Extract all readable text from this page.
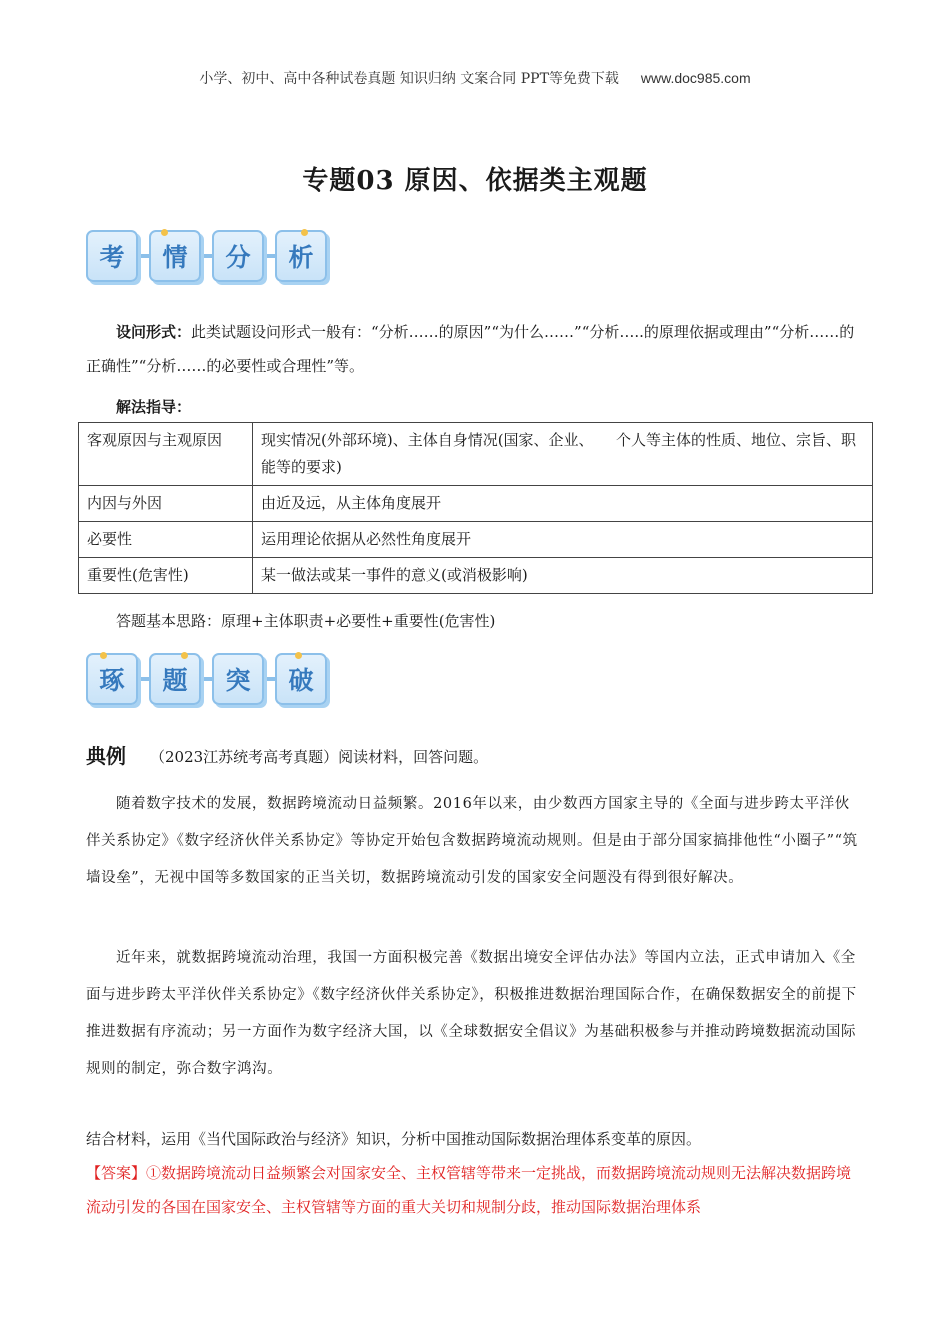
小学、初中、高中各种试卷真题 知识归纳 文案合同 PPT等免费下载 www.doc985.com
专题03 原因、依据类主观题
考 情 分 析
设问形式：此类试题设问形式一般有：“分析……的原因”“为什么……”“分析…..的原理依据或理由”“分析……的正确性”“分析……的必要性或合理性”等。
解法指导：
客观原因与主观原因	现实情况(外部环境)、主体自身情况(国家、企业、　　个人等主体的性质、地位、宗旨、职能等的要求)
内因与外因	由近及远，从主体角度展开
必要性	运用理论依据从必然性角度展开
重要性(危害性)	某一做法或某一事件的意义(或消极影响)
答题基本思路：原理+主体职责+必要性+重要性(危害性)
琢 题 突 破
典例 （2023江苏统考高考真题）阅读材料，回答问题。
随着数字技术的发展，数据跨境流动日益频繁。2016年以来，由少数西方国家主导的《全面与进步跨太平洋伙伴关系协定》《数字经济伙伴关系协定》等协定开始包含数据跨境流动规则。但是由于部分国家搞排他性“小圈子”“筑墙设垒”，无视中国等多数国家的正当关切，数据跨境流动引发的国家安全问题没有得到很好解决。
近年来，就数据跨境流动治理，我国一方面积极完善《数据出境安全评估办法》等国内立法，正式申请加入《全面与进步跨太平洋伙伴关系协定》《数字经济伙伴关系协定》，积极推进数据治理国际合作，在确保数据安全的前提下推进数据有序流动；另一方面作为数字经济大国，以《全球数据安全倡议》为基础积极参与并推动跨境数据流动国际规则的制定，弥合数字鸿沟。
结合材料，运用《当代国际政治与经济》知识，分析中国推动国际数据治理体系变革的原因。
【答案】①数据跨境流动日益频繁会对国家安全、主权管辖等带来一定挑战，而数据跨境流动规则无法解决数据跨境流动引发的各国在国家安全、主权管辖等方面的重大关切和规制分歧，推动国际数据治理体系
